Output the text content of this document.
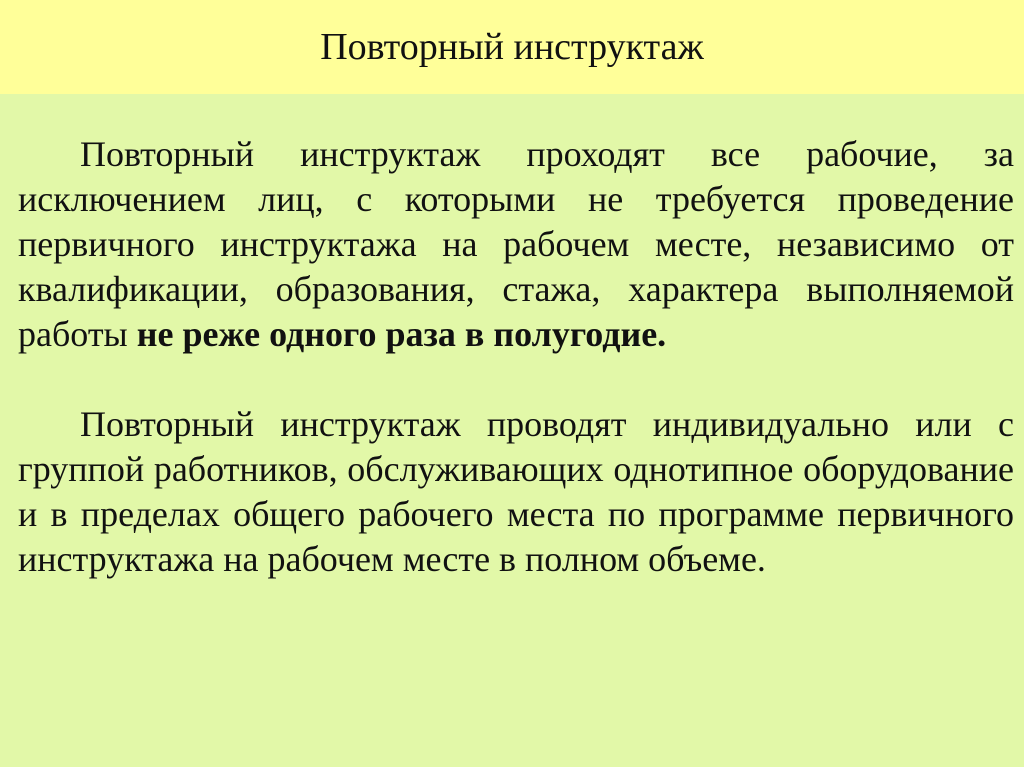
Повторный инструктаж

Повторный инструктаж проходят все рабочие, за исключением лиц, с которыми не требуется проведение первичного инструктажа на рабочем месте, независимо от квалификации, образования, стажа, характера выполняемой работы не реже одного раза в полугодие.

Повторный инструктаж проводят индивидуально или с группой работников, обслуживающих однотипное оборудование и в пределах общего рабочего места по программе первичного инструктажа на рабочем месте в полном объеме.
